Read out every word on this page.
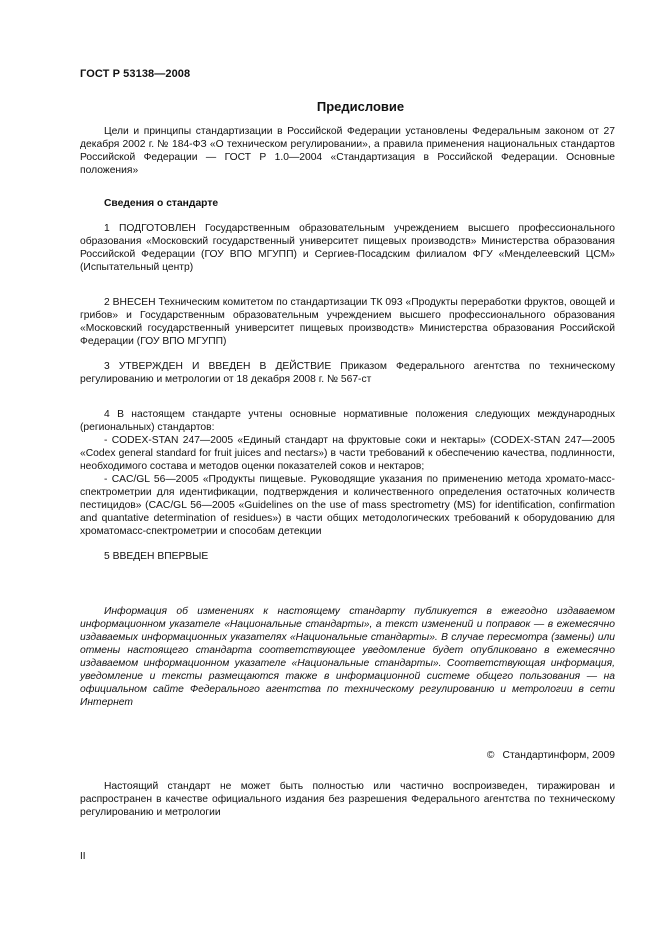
ГОСТ Р 53138—2008
Предисловие

Цели и принципы стандартизации в Российской Федерации установлены Федеральным законом от 27 декабря 2002 г. № 184-ФЗ «О техническом регулировании», а правила применения национальных стандартов Российской Федерации — ГОСТ Р 1.0—2004 «Стандартизация в Российской Федерации. Основные положения»

Сведения о стандарте

1 ПОДГОТОВЛЕН Государственным образовательным учреждением высшего профессионального образования «Московский государственный университет пищевых производств» Министерства образования Российской Федерации (ГОУ ВПО МГУПП) и Сергиев-Посадским филиалом ФГУ «Менделеевский ЦСМ» (Испытательный центр)

2 ВНЕСЕН Техническим комитетом по стандартизации ТК 093 «Продукты переработки фруктов, овощей и грибов» и Государственным образовательным учреждением высшего профессионального образования «Московский государственный университет пищевых производств» Министерства образования Российской Федерации (ГОУ ВПО МГУПП)

3 УТВЕРЖДЕН И ВВЕДЕН В ДЕЙСТВИЕ Приказом Федерального агентства по техническому регулированию и метрологии от 18 декабря 2008 г. № 567-ст

4 В настоящем стандарте учтены основные нормативные положения следующих международных (региональных) стандартов:

- CODEX-STAN 247—2005 «Единый стандарт на фруктовые соки и нектары» (CODEX-STAN 247—2005 «Codex general standard for fruit juices and nectars») в части требований к обеспечению качества, подлинности, необходимого состава и методов оценки показателей соков и нектаров;

- CAC/GL 56—2005 «Продукты пищевые. Руководящие указания по применению метода хромато-масс-спектрометрии для идентификации, подтверждения и количественного определения остаточных количеств пестицидов» (CAC/GL 56—2005 «Guidelines on the use of mass spectrometry (MS) for identification, confirmation and quantative determination of residues») в части общих методологических требований к оборудованию для хроматомасс-спектрометрии и способам детекции

5 ВВЕДЕН ВПЕРВЫЕ

Информация об изменениях к настоящему стандарту публикуется в ежегодно издаваемом информационном указателе «Национальные стандарты», а текст изменений и поправок — в ежемесячно издаваемых информационных указателях «Национальные стандарты». В случае пересмотра (замены) или отмены настоящего стандарта соответствующее уведомление будет опубликовано в ежемесячно издаваемом информационном указателе «Национальные стандарты». Соответствующая информация, уведомление и тексты размещаются также в информационной системе общего пользования — на официальном сайте Федерального агентства по техническому регулированию и метрологии в сети Интернет

© Стандартинформ, 2009

Настоящий стандарт не может быть полностью или частично воспроизведен, тиражирован и распространен в качестве официального издания без разрешения Федерального агентства по техническому регулированию и метрологии

II
